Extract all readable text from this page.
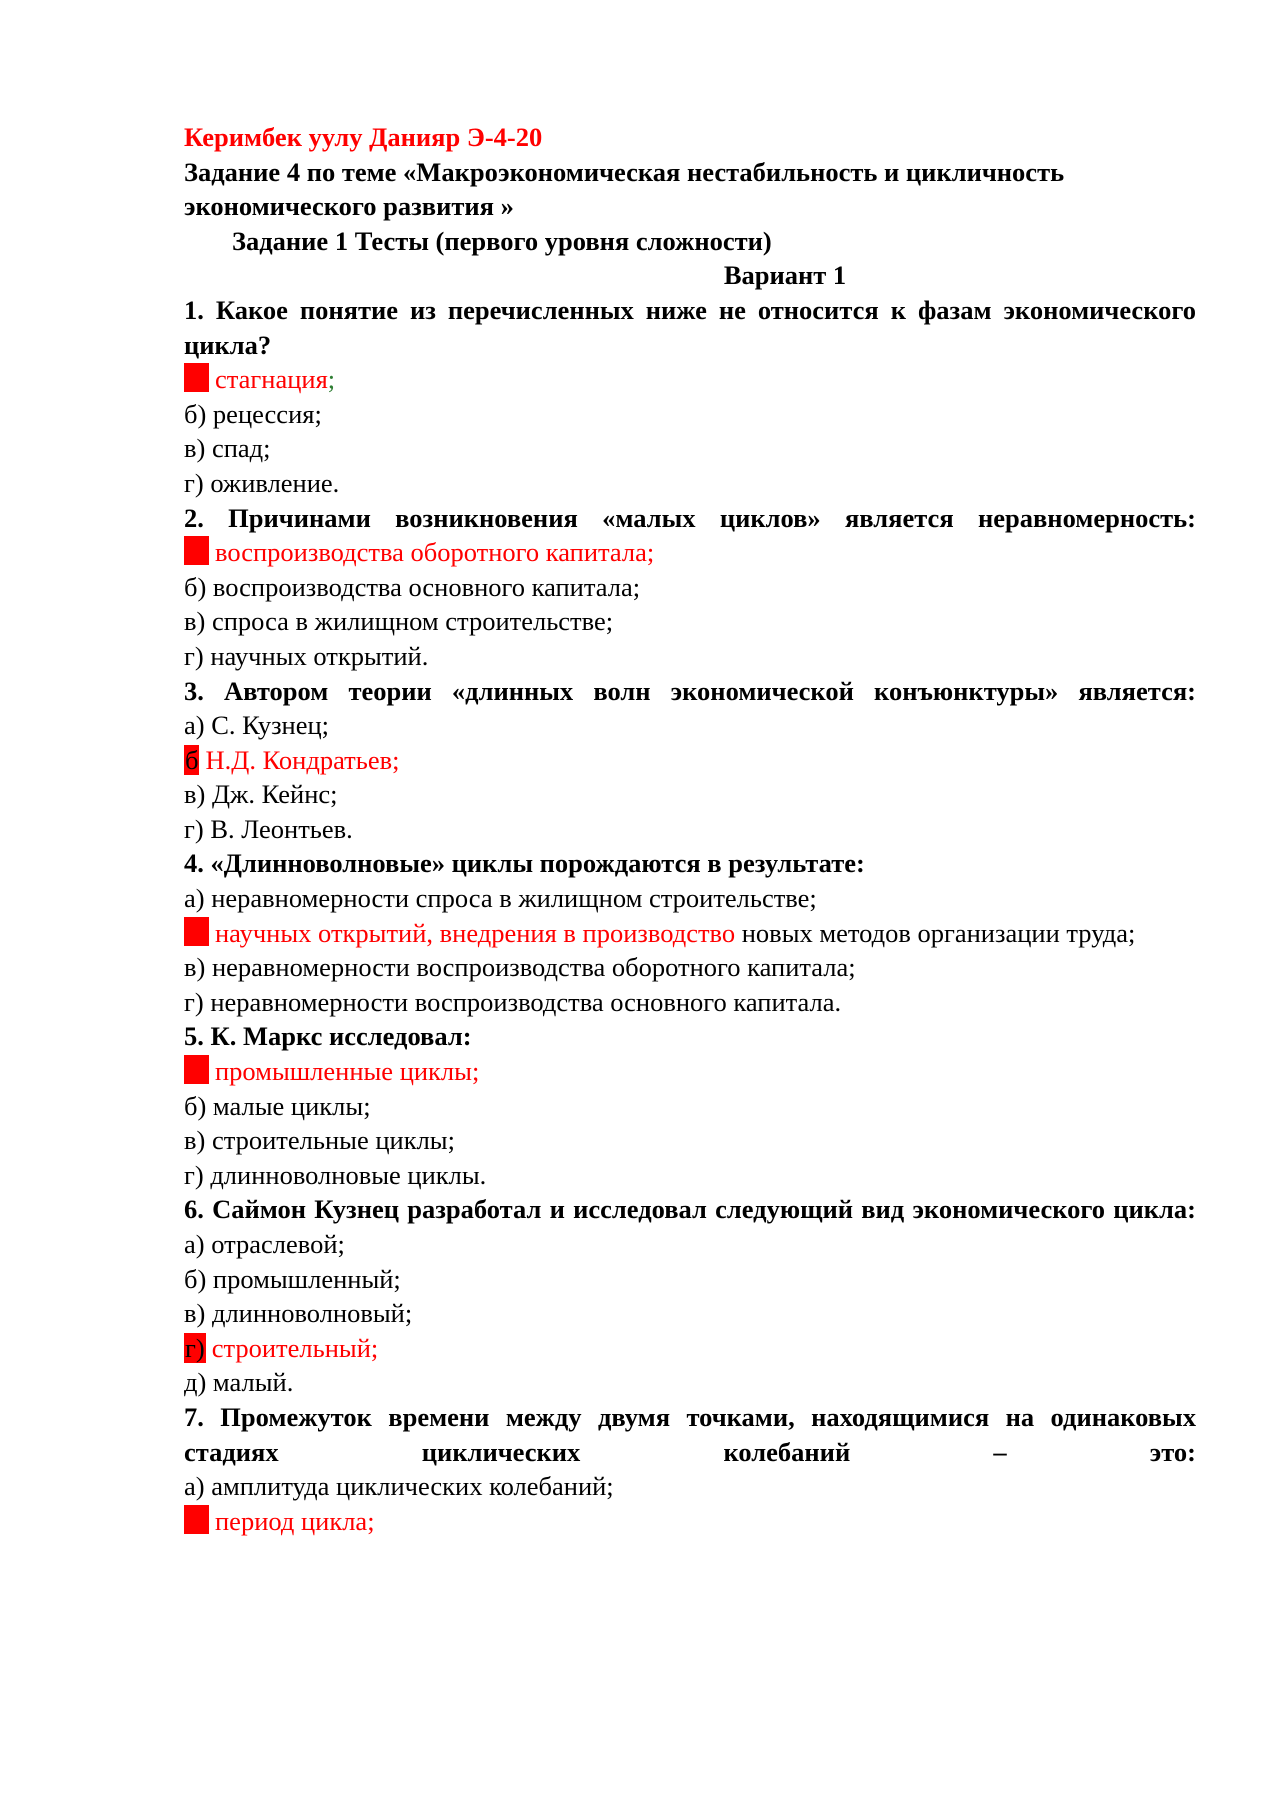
Керимбек уулу Данияр Э-4-20
Задание 4 по теме «Макроэкономическая нестабильность и цикличность экономического развития »
Задание 1 Тесты (первого уровня сложности)
Вариант 1
1. Какое понятие из перечисленных ниже не относится к фазам экономического цикла?
стагнация;
б) рецессия;
в) спад;
г) оживление.
2. Причинами возникновения «малых циклов» является неравномерность:
воспроизводства оборотного капитала;
б) воспроизводства основного капитала;
в) спроса в жилищном строительстве;
г) научных открытий.
3. Автором теории «длинных волн экономической конъюнктуры» является:
а) С. Кузнец;
б Н.Д. Кондратьев;
в) Дж. Кейнс;
г) В. Леонтьев.
4. «Длинноволновые» циклы порождаются в результате:
а) неравномерности спроса в жилищном строительстве;
научных открытий, внедрения в производство новых методов организации труда;
в) неравномерности воспроизводства оборотного капитала;
г) неравномерности воспроизводства основного капитала.
5. К. Маркс исследовал:
промышленные циклы;
б) малые циклы;
в) строительные циклы;
г) длинноволновые циклы.
6. Саймон Кузнец разработал и исследовал следующий вид экономического цикла:
а) отраслевой;
б) промышленный;
в) длинноволновый;
г) строительный;
д) малый.
7. Промежуток времени между двумя точками, находящимися на одинаковых стадиях циклических колебаний – это:
а) амплитуда циклических колебаний;
период цикла;
